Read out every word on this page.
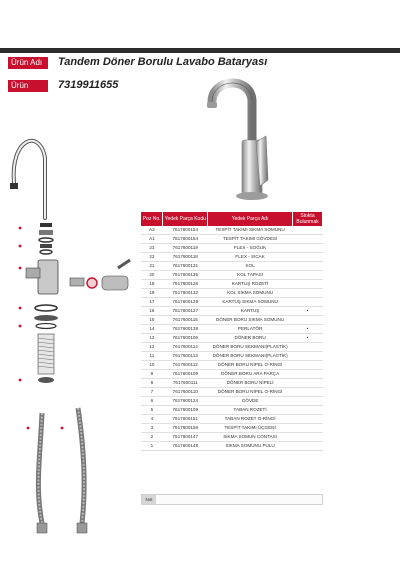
Ürün Adı	Tandem Döner Borulu Lavabo Bataryası
Ürün Kodu
7319911655
Poz No.	Yedek Parça Kodu	Yedek Parça Adı	Stokta Bulunmak
A2	7617600154	TESPİT TAKIMI SIKMA SOMUNU	
A1	7617600154	TESPİT TAKIMI GÖVDESİ	
23	7617600119	FLEX - SOĞUK	
22	7617600118	FLEX - SICAK	
21	7617600131	KOL	
20	7617600135	KOL TAPASI	
18	7617600128	KARTUŞ ROZETİ	
19	7617600132	KOL SIKMA SOMUNU	
17	7617600129	KARTUŞ SIKMA SOMUNU	
16	7617600127	KARTUŞ	•
15	7617600115	DÖNER BORU SIKMA SOMUNU	
14	7617600138	PERLATÖR	•
13	7617600106	DÖNER BORU	•
12	7617600114	DÖNER BORU SEKMANI(PLASTİK)	
11	7617600113	DÖNER BORU SEKMANI(PLASTİK)	
10	7617600112	DÖNER BORU NİPEL O-RİNGİ	
9	7617600109	DÖNER BORU ARA PARÇA	
8	7617600111	DÖNER BORU NİPELİ	
7	7617600110	DÖNER BORU NİPEL O-RİNGİ	
6	7617600124	GÖVDE	
5	7617600109	TABAN ROZETİ	
4	7617600151	TABAN ROZET O-RİNGİ	
3	7617600156	TESPİT TAKIMI ÜÇGENİ	
2	7617600147	SIKMA SOMUN CONTASI	
1	7617600148	SIKMA SOMUNU PULU	
Not
